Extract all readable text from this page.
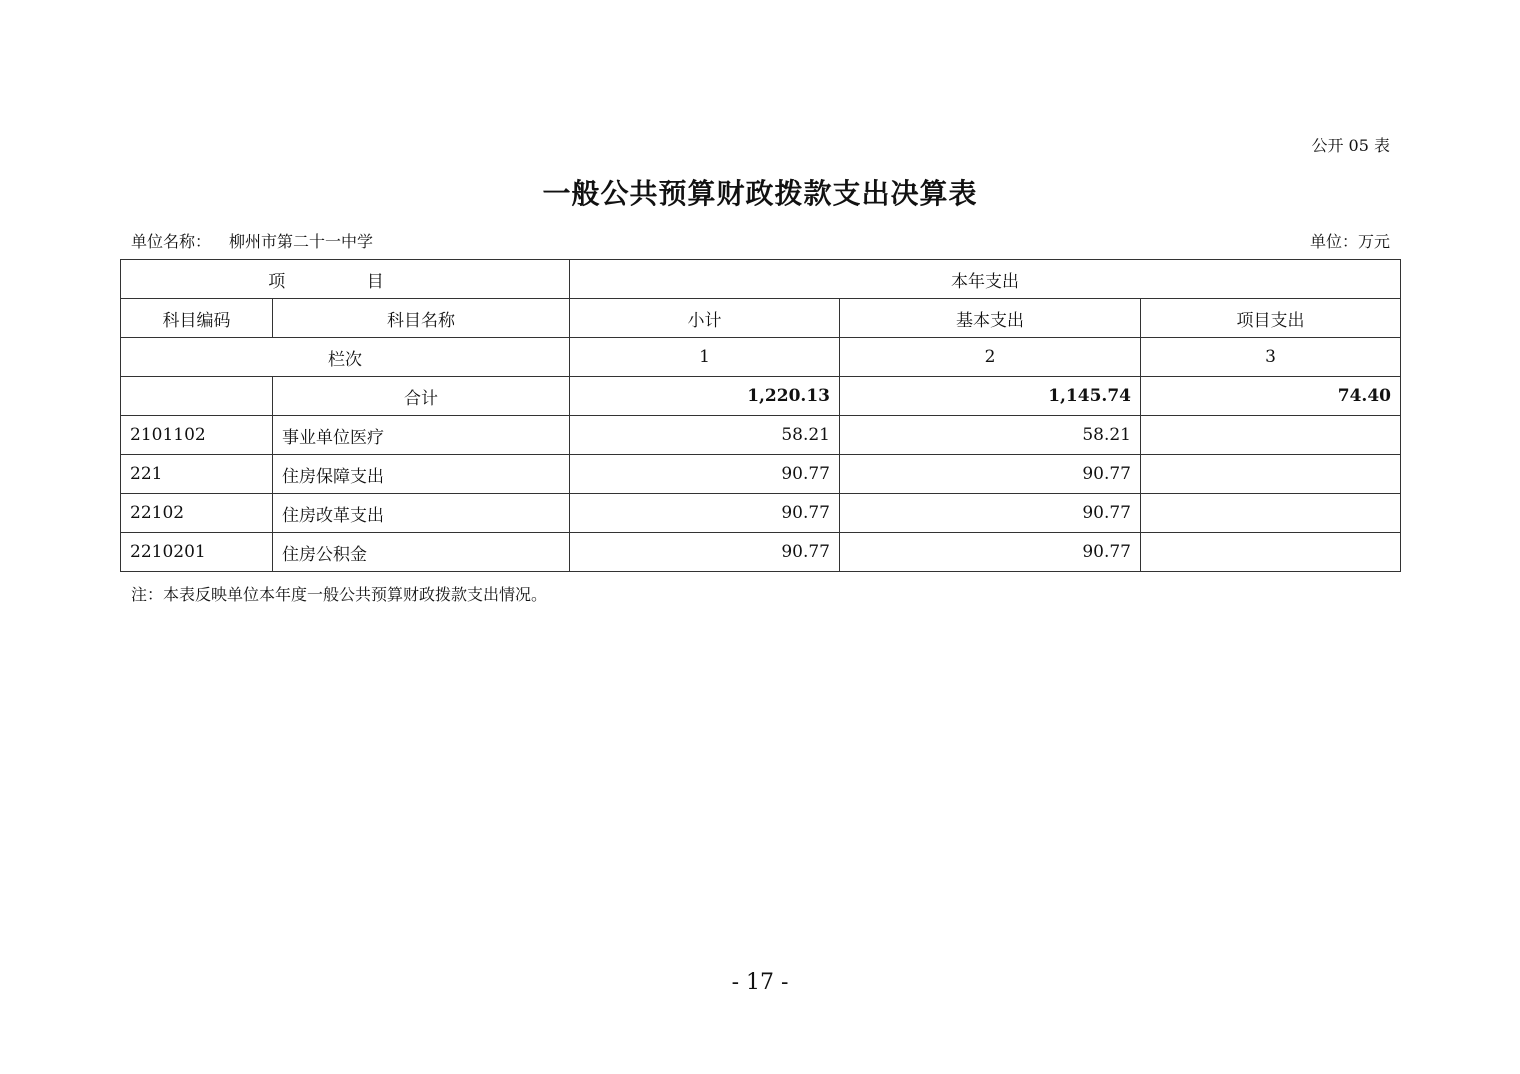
公开 05 表
一般公共预算财政拨款支出决算表
单位名称： 柳州市第二十一中学	单位：万元
项 目		本年支出		
科目编码	科目名称	小计	基本支出	项目支出
栏次		1	2	3
	合计	1,220.13	1,145.74	74.40
2101102	事业单位医疗	58.21	58.21	
221	住房保障支出	90.77	90.77	
22102	住房改革支出	90.77	90.77	
2210201	住房公积金	90.77	90.77	
注：本表反映单位本年度一般公共预算财政拨款支出情况。
- 17 -
